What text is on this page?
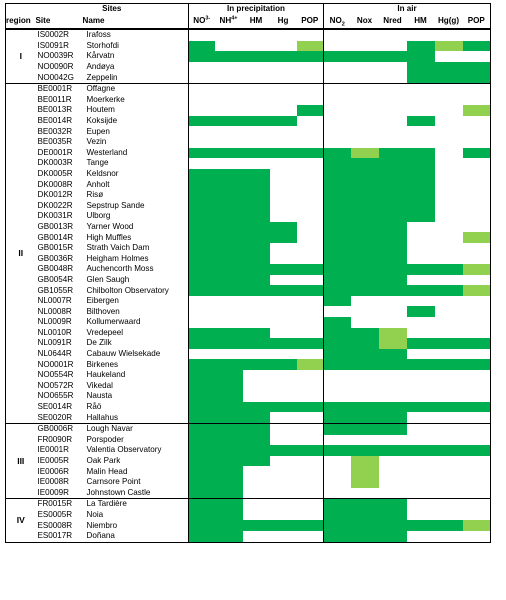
	Sites		In precipitation					In air					
region	Site	Name	$NO^{3-}$	$NH^{4+}$	HM	Hg	POP	$NO_2$	Nox	Nred	HM	Hg(g)	POP
I	IS0002R	Irafoss											
	IS0091R	Storhofdi											
	NO0039R	Kårvatn											
	NO0090R	Andøya											
	NO0042G	Zeppelin											
II	BE0001R	Offagne											
	BE0011R	Moerkerke											
	BE0013R	Houtem											
	BE0014R	Koksijde											
	BE0032R	Eupen											
	BE0035R	Vezin											
	DE0001R	Westerland											
	DK0003R	Tange											
	DK0005R	Keldsnor											
	DK0008R	Anholt											
	DK0012R	Risø											
	DK0022R	Sepstrup Sande											
	DK0031R	Ulborg											
	GB0013R	Yarner Wood											
	GB0014R	High Muffles											
	GB0015R	Strath Vaich Dam											
	GB0036R	Heigham Holmes											
	GB0048R	Auchencorth Moss											
	GB0054R	Glen Saugh											
	GB1055R	Chilbolton Observatory											
	NL0007R	Eibergen											
	NL0008R	Bilthoven											
	NL0009R	Kollumerwaard											
	NL0010R	Vredepeel											
	NL0091R	De Zilk											
	NL0644R	Cabauw Wielsekade											
	NO0001R	Birkenes											
	NO0554R	Haukeland											
	NO0572R	Vikedal											
	NO0655R	Nausta											
	SE0014R	Råö											
	SE0020R	Hallahus											
III	GB0006R	Lough Navar											
	FR0090R	Porspoder											
	IE0001R	Valentia Observatory											
	IE0005R	Oak Park											
	IE0006R	Malin Head											
	IE0008R	Carnsore Point											
	IE0009R	Johnstown Castle											
IV	FR0015R	La Tardière											
	ES0005R	Noia											
	ES0008R	Niembro											
	ES0017R	Doñana											
